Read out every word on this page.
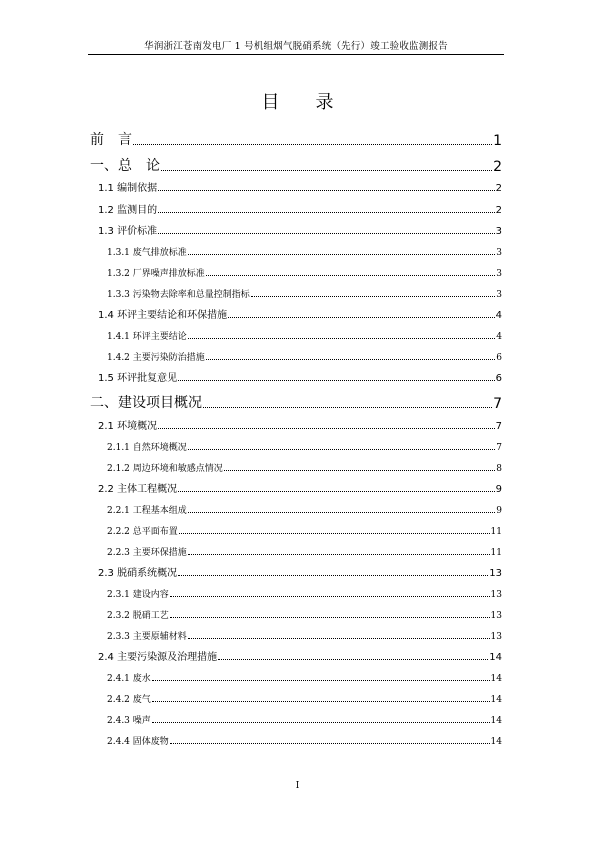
华润浙江苍南发电厂 1 号机组烟气脱硝系统（先行）竣工验收监测报告
目　　录
前　言	1
一、总　论	2
1.1 编制依据	2
1.2 监测目的	2
1.3 评价标准	3
1.3.1 废气排放标准	3
1.3.2 厂界噪声排放标准	3
1.3.3 污染物去除率和总量控制指标	3
1.4 环评主要结论和环保措施	4
1.4.1 环评主要结论	4
1.4.2 主要污染防治措施	6
1.5 环评批复意见	6
二、建设项目概况	7
2.1 环境概况	7
2.1.1 自然环境概况	7
2.1.2 周边环境和敏感点情况	8
2.2 主体工程概况	9
2.2.1 工程基本组成	9
2.2.2 总平面布置	11
2.2.3 主要环保措施	11
2.3 脱硝系统概况	13
2.3.1 建设内容	13
2.3.2 脱硝工艺	13
2.3.3 主要原辅材料	13
2.4 主要污染源及治理措施	14
2.4.1 废水	14
2.4.2 废气	14
2.4.3 噪声	14
2.4.4 固体废物	14
I
